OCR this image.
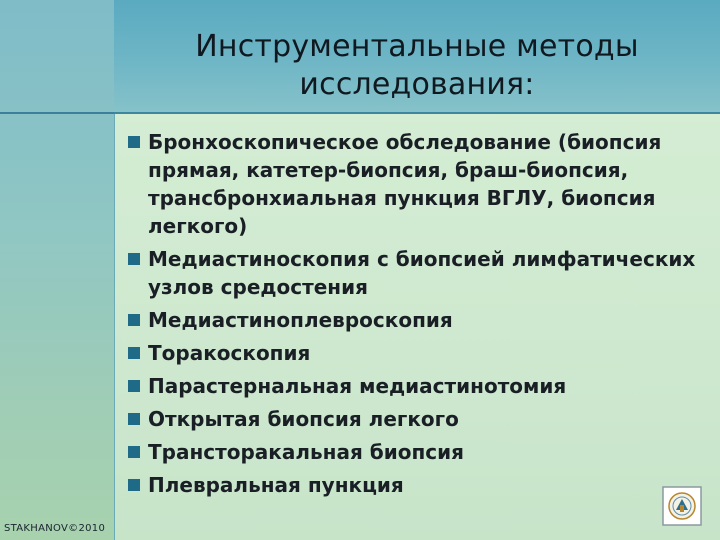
Инструментальные методы
исследования:
Бронхоскопическое обследование (биопсия прямая, катетер-биопсия, браш-биопсия, трансбронхиальная пункция ВГЛУ, биопсия легкого)
Медиастиноскопия с биопсией лимфатических узлов средостения
Медиастиноплевроскопия
Торакоскопия
Парастернальная медиастинотомия
Открытая биопсия легкого
Трансторакальная биопсия
Плевральная пункция
STAKHANOV©2010
